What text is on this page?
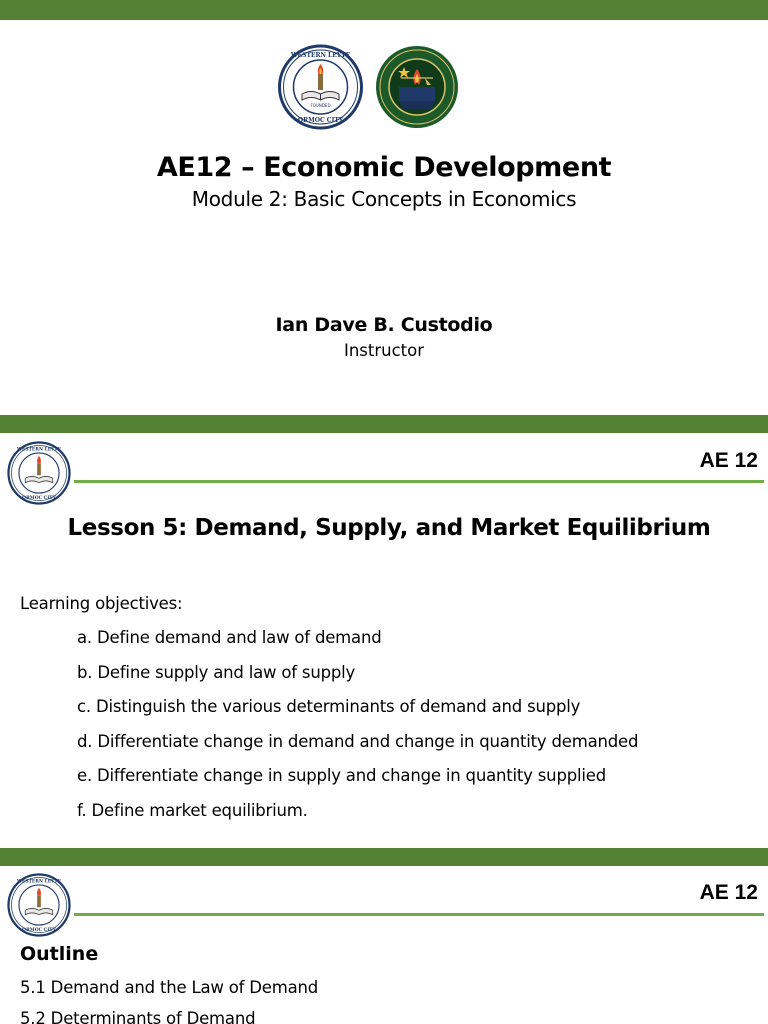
FOUNDED
WESTERN LEYTE
ORMOC CITY
AE12 – Economic Development
Module 2: Basic Concepts in Economics
Ian Dave B. Custodio
Instructor
WESTERN LEYTE
ORMOC CITY
AE 12
Lesson 5: Demand, Supply, and Market Equilibrium
Learning objectives:
a. Define demand and law of demand
b. Define supply and law of supply
c. Distinguish the various determinants of demand and supply
d. Differentiate change in demand and change in quantity demanded
e. Differentiate change in supply and change in quantity supplied
f. Define market equilibrium.
WESTERN LEYTE
ORMOC CITY
AE 12
Outline
5.1 Demand and the Law of Demand
5.2 Determinants of Demand
